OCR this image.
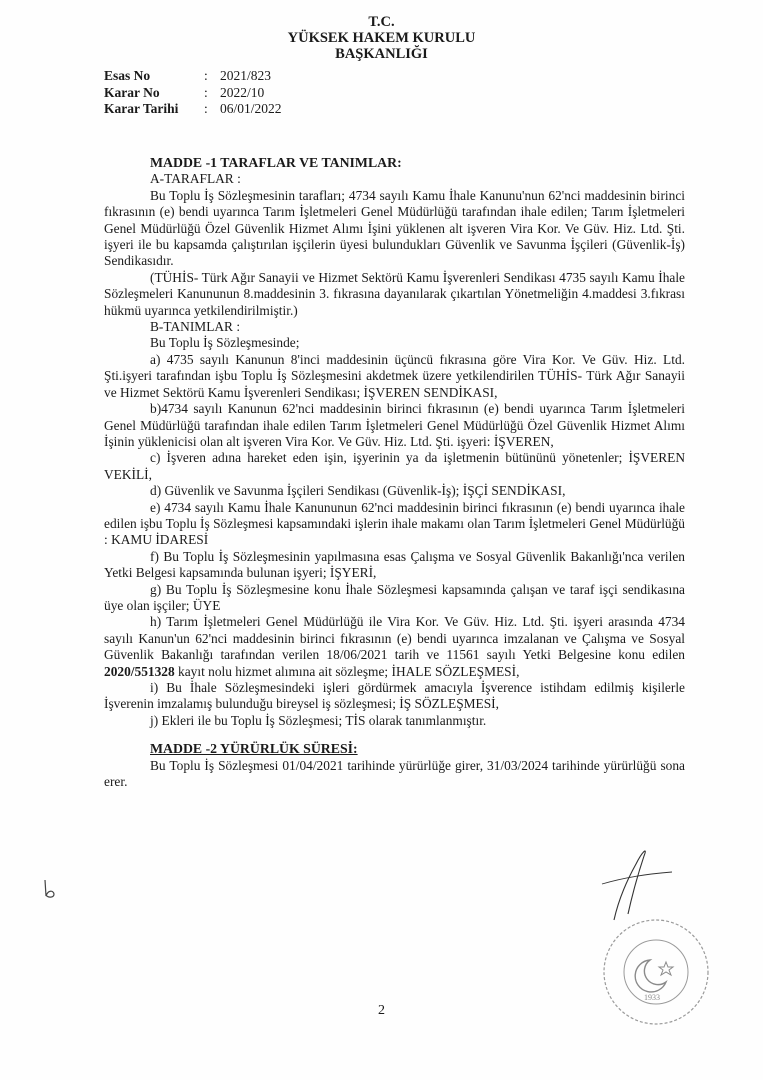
T.C.
YÜKSEK HAKEM KURULU
BAŞKANLIĞI
Esas No	: 2021/823
Karar No	: 2022/10
Karar Tarihi	: 06/01/2022
MADDE -1 TARAFLAR VE TANIMLAR:
A-TARAFLAR :
Bu Toplu İş Sözleşmesinin tarafları; 4734 sayılı Kamu İhale Kanunu'nun 62'nci maddesinin birinci fıkrasının (e) bendi uyarınca Tarım İşletmeleri Genel Müdürlüğü tarafından ihale edilen; Tarım İşletmeleri Genel Müdürlüğü Özel Güvenlik Hizmet Alımı İşini yüklenen alt işveren Vira Kor. Ve Güv. Hiz. Ltd. Şti. işyeri ile bu kapsamda çalıştırılan işçilerin üyesi bulundukları Güvenlik ve Savunma İşçileri (Güvenlik-İş) Sendikasıdır.
(TÜHİS- Türk Ağır Sanayii ve Hizmet Sektörü Kamu İşverenleri Sendikası 4735 sayılı Kamu İhale Sözleşmeleri Kanununun 8.maddesinin 3. fıkrasına dayanılarak çıkartılan Yönetmeliğin 4.maddesi 3.fıkrası hükmü uyarınca yetkilendirilmiştir.)
B-TANIMLAR :
Bu Toplu İş Sözleşmesinde;
a) 4735 sayılı Kanunun 8'inci maddesinin üçüncü fıkrasına göre Vira Kor. Ve Güv. Hiz. Ltd. Şti.işyeri tarafından işbu Toplu İş Sözleşmesini akdetmek üzere yetkilendirilen TÜHİS- Türk Ağır Sanayii ve Hizmet Sektörü Kamu İşverenleri Sendikası; İŞVEREN SENDİKASI,
b)4734 sayılı Kanunun 62'nci maddesinin birinci fıkrasının (e) bendi uyarınca Tarım İşletmeleri Genel Müdürlüğü tarafından ihale edilen Tarım İşletmeleri Genel Müdürlüğü Özel Güvenlik Hizmet Alımı İşinin yüklenicisi olan alt işveren Vira Kor. Ve Güv. Hiz. Ltd. Şti. işyeri: İŞVEREN,
c) İşveren adına hareket eden işin, işyerinin ya da işletmenin bütününü yönetenler; İŞVEREN VEKİLİ,
d) Güvenlik ve Savunma İşçileri Sendikası (Güvenlik-İş); İŞÇİ SENDİKASI,
e) 4734 sayılı Kamu İhale Kanununun 62'nci maddesinin birinci fıkrasının (e) bendi uyarınca ihale edilen işbu Toplu İş Sözleşmesi kapsamındaki işlerin ihale makamı olan Tarım İşletmeleri Genel Müdürlüğü : KAMU İDARESİ
f) Bu Toplu İş Sözleşmesinin yapılmasına esas Çalışma ve Sosyal Güvenlik Bakanlığı'nca verilen Yetki Belgesi kapsamında bulunan işyeri; İŞYERİ,
g) Bu Toplu İş Sözleşmesine konu İhale Sözleşmesi kapsamında çalışan ve taraf işçi sendikasına üye olan işçiler; ÜYE
h) Tarım İşletmeleri Genel Müdürlüğü ile Vira Kor. Ve Güv. Hiz. Ltd. Şti. işyeri arasında 4734 sayılı Kanun'un 62'nci maddesinin birinci fıkrasının (e) bendi uyarınca imzalanan ve Çalışma ve Sosyal Güvenlik Bakanlığı tarafından verilen 18/06/2021 tarih ve 11561 sayılı Yetki Belgesine konu edilen 2020/551328 kayıt nolu hizmet alımına ait sözleşme; İHALE SÖZLEŞMESİ,
i) Bu İhale Sözleşmesindeki işleri gördürmek amacıyla İşverence istihdam edilmiş kişilerle İşverenin imzalamış bulunduğu bireysel iş sözleşmesi; İŞ SÖZLEŞMESİ,
j) Ekleri ile bu Toplu İş Sözleşmesi; TİS olarak tanımlanmıştır.
MADDE -2 YÜRÜRLÜK SÜRESİ:
Bu Toplu İş Sözleşmesi 01/04/2021 tarihinde yürürlüğe girer, 31/03/2024 tarihinde yürürlüğü sona erer.
1933
2
